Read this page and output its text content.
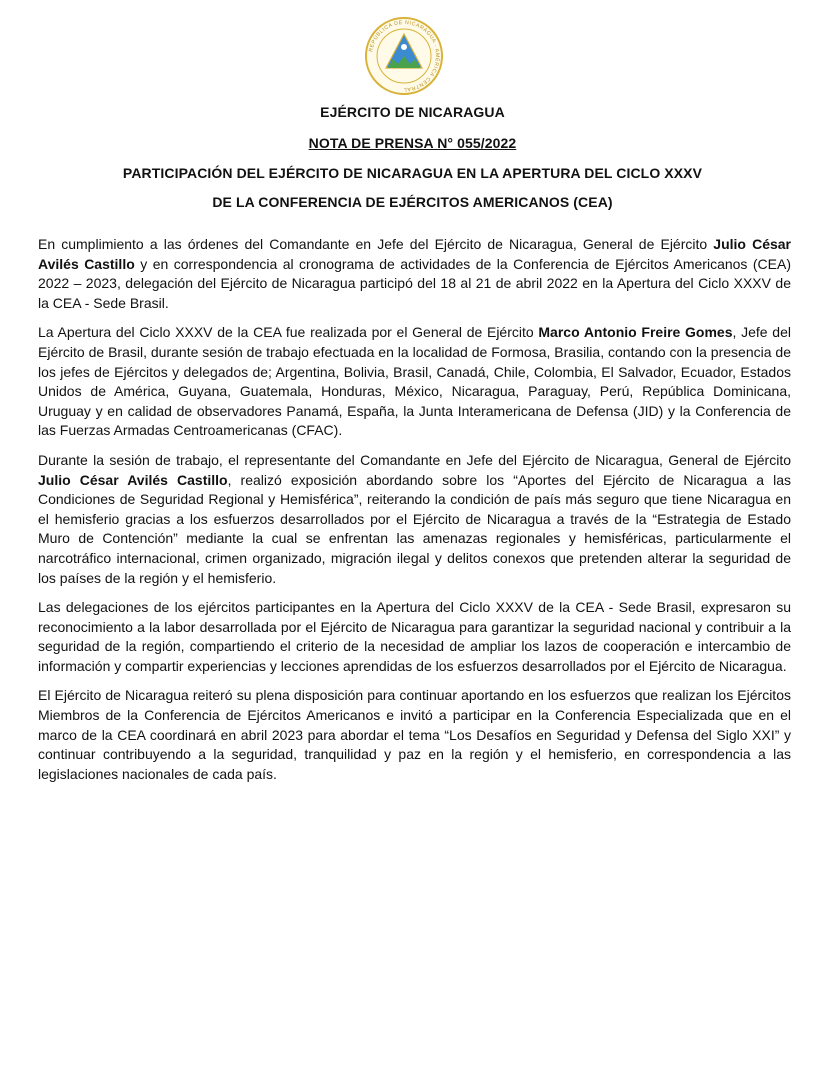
REPÚBLICA DE NICARAGUA · AMÉRICA CENTRAL
EJÉRCITO DE NICARAGUA
NOTA DE PRENSA N° 055/2022
PARTICIPACIÓN DEL EJÉRCITO DE NICARAGUA EN LA APERTURA DEL CICLO XXXV
DE LA CONFERENCIA DE EJÉRCITOS AMERICANOS (CEA)

En cumplimiento a las órdenes del Comandante en Jefe del Ejército de Nicaragua, General de Ejército Julio César Avilés Castillo y en correspondencia al cronograma de actividades de la Conferencia de Ejércitos Americanos (CEA) 2022 – 2023, delegación del Ejército de Nicaragua participó del 18 al 21 de abril 2022 en la Apertura del Ciclo XXXV de la CEA - Sede Brasil.

La Apertura del Ciclo XXXV de la CEA fue realizada por el General de Ejército Marco Antonio Freire Gomes, Jefe del Ejército de Brasil, durante sesión de trabajo efectuada en la localidad de Formosa, Brasilia, contando con la presencia de los jefes de Ejércitos y delegados de; Argentina, Bolivia, Brasil, Canadá, Chile, Colombia, El Salvador, Ecuador, Estados Unidos de América, Guyana, Guatemala, Honduras, México, Nicaragua, Paraguay, Perú, República Dominicana, Uruguay y en calidad de observadores Panamá, España, la Junta Interamericana de Defensa (JID) y la Conferencia de las Fuerzas Armadas Centroamericanas (CFAC).

Durante la sesión de trabajo, el representante del Comandante en Jefe del Ejército de Nicaragua, General de Ejército Julio César Avilés Castillo, realizó exposición abordando sobre los “Aportes del Ejército de Nicaragua a las Condiciones de Seguridad Regional y Hemisférica”, reiterando la condición de país más seguro que tiene Nicaragua en el hemisferio gracias a los esfuerzos desarrollados por el Ejército de Nicaragua a través de la “Estrategia de Estado Muro de Contención” mediante la cual se enfrentan las amenazas regionales y hemisféricas, particularmente el narcotráfico internacional, crimen organizado, migración ilegal y delitos conexos que pretenden alterar la seguridad de los países de la región y el hemisferio.

Las delegaciones de los ejércitos participantes en la Apertura del Ciclo XXXV de la CEA - Sede Brasil, expresaron su reconocimiento a la labor desarrollada por el Ejército de Nicaragua para garantizar la seguridad nacional y contribuir a la seguridad de la región, compartiendo el criterio de la necesidad de ampliar los lazos de cooperación e intercambio de información y compartir experiencias y lecciones aprendidas de los esfuerzos desarrollados por el Ejército de Nicaragua.

El Ejército de Nicaragua reiteró su plena disposición para continuar aportando en los esfuerzos que realizan los Ejércitos Miembros de la Conferencia de Ejércitos Americanos e invitó a participar en la Conferencia Especializada que en el marco de la CEA coordinará en abril 2023 para abordar el tema “Los Desafíos en Seguridad y Defensa del Siglo XXI” y continuar contribuyendo a la seguridad, tranquilidad y paz en la región y el hemisferio, en correspondencia a las legislaciones nacionales de cada país.
